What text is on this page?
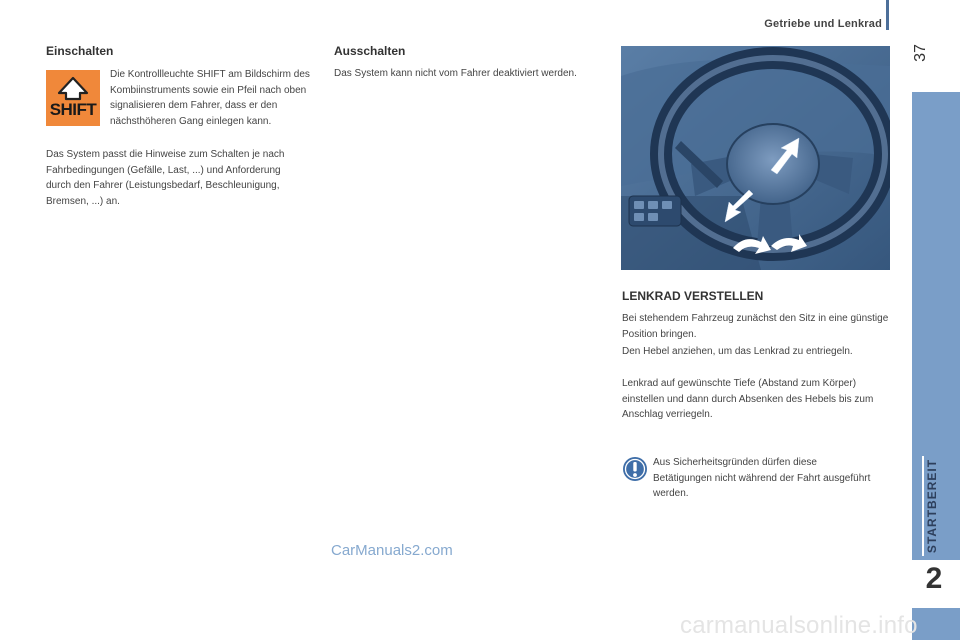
Getriebe und Lenkrad
37
STARTBEREIT
2
Einschalten
SHIFT

Die Kontrollleuchte SHIFT am Bildschirm des Kombiinstruments sowie ein Pfeil nach oben signalisieren dem Fahrer, dass er den nächsthöheren Gang einlegen kann.

Das System passt die Hinweise zum Schalten je nach Fahrbedingungen (Gefälle, Last, ...) und Anforderung durch den Fahrer (Leistungsbedarf, Beschleunigung, Bremsen, ...) an.

Ausschalten

Das System kann nicht vom Fahrer deaktiviert werden.

LENKRAD VERSTELLEN

Bei stehendem Fahrzeug zunächst den Sitz in eine günstige Position bringen.

Den Hebel anziehen, um das Lenkrad zu entriegeln.

Lenkrad auf gewünschte Tiefe (Abstand zum Körper) einstellen und dann durch Absenken des Hebels bis zum Anschlag verriegeln.

Aus Sicherheitsgründen dürfen diese Betätigungen nicht während der Fahrt ausgeführt werden.

CarManuals2.com
carmanualsonline.info
